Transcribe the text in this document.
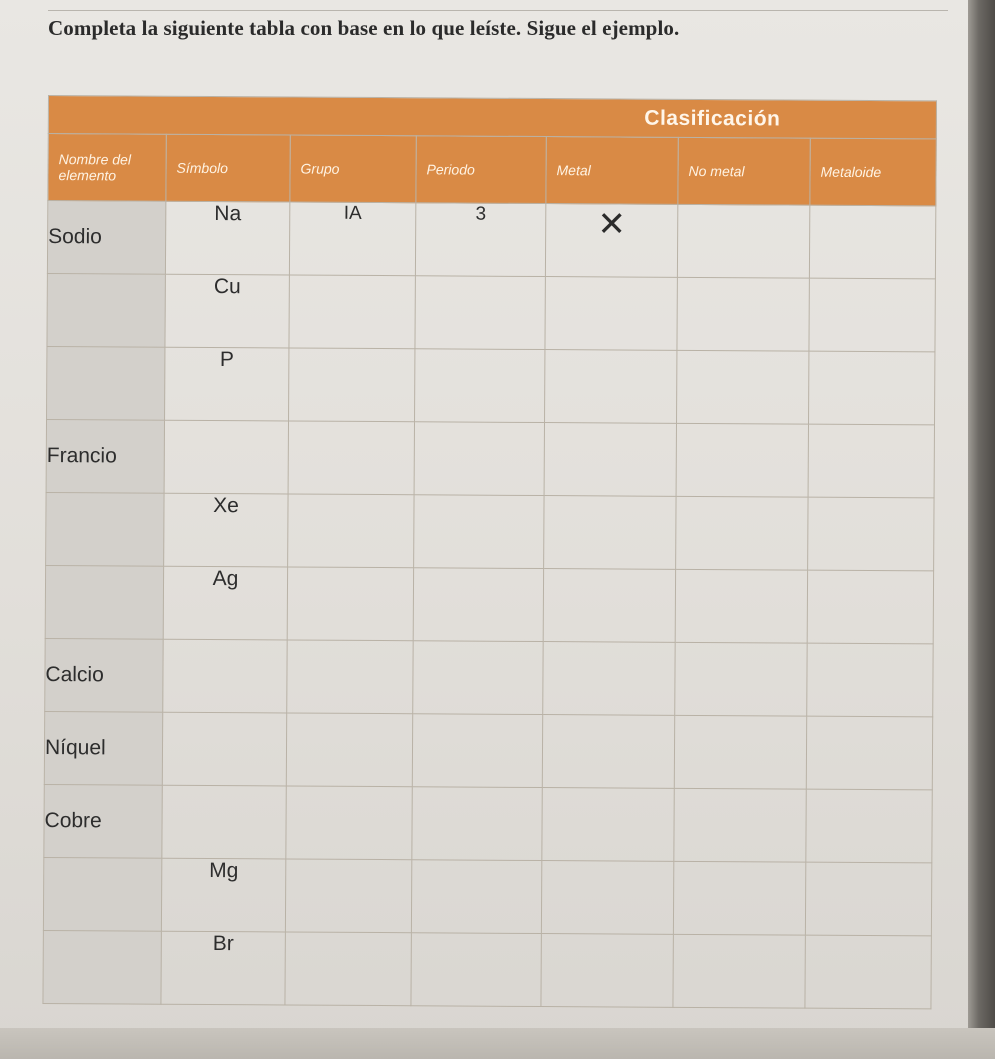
Completa la siguiente tabla con base en lo que leíste. Sigue el ejemplo.

Clasificación						
Nombre del elemento	Símbolo	Grupo	Periodo	Metal	No metal	Metaloide
Sodio	Na	IA	3	✕		
	Cu					
	P					
Francio						
	Xe					
	Ag					
Calcio						
Níquel						
Cobre						
	Mg					
	Br					
